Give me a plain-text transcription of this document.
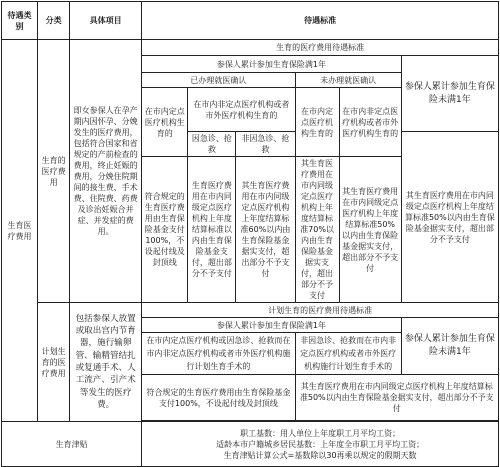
待遇类别	分类	具体项目	待遇标准					
生育医疗费用	生育的医疗费用	即女参保人在孕产期内因怀孕、分娩发生的医疗费用，包括符合国家和省规定的产前检查的费用，终止妊娠的费用，分娩住院期间的接生费、手术费、住院费、药费及诊治妊娠合并症、并发症的费用。	生育的医疗费用待遇标准					
			参保人累计参加生育保险满1年					参保人累计参加生育保险未满1年
			已办理就医确认			未办理就医确认		
			在市内定点医疗机构生育的	在市内非定点医疗机构或者市外医疗机构生育的		在市内定点医疗机构生育的	在市内非定点医疗机构或者市外医疗机构生育的	
				因急诊、抢救	非因急诊、抢救			其生育医疗费用在市内同级定点医疗机构上年度结算标准50%以内由生育保险基金据实支付，超出部分不予支付
			符合规定的生育医疗费用由生育保险基金支付100%，不设起付线及封顶线	生育医疗费用在市内同级定点医疗机构上年度结算标准以内由生育保险基金支付，超出部分不予支付	其生育医疗费用在市内同级定点医疗机构上年度结算标准60%以内由生育保险基金据实支付，超出部分不予支付	其生育医疗费用在市内同级定点医疗机构上年度结算标准70%以内由生育保险基金据实支付，超出部分不予支付	其生育医疗费用在市内同级定点医疗机构上年度结算标准50%以内由生育保险基金据实支付，超出部分不予支付	
	计划生育的医疗费用	包括参保人放置或取出宫内节育器，施行输卵管、输精管结扎或复通手术、人工流产、引产术等发生的医疗费。	计划生育的医疗费用待遇标准					
			参保人累计参加生育保险满1年					参保人累计参加生育保险未满1年
			在市内定点医疗机构或因急诊、抢救而在市内非定点医疗机构或者市外医疗机构施行计划生育手术的			非因急诊、抢救而在市内非定点医疗机构或者市外医疗机构施行计划生育手术的		
			符合规定的生育医疗费用由生育保险基金支付100%，不设起付线及封顶线			其生育医疗费用在市内同级定点医疗机构上年度结算标准50%以内由生育保险基金据实支付，超出部分不予支付		

生育津贴			职工基数：用人单位上年度职工月平均工资；
适龄本市户籍城乡居民基数：上年度全市职工月平均工资；
生育津贴计算公式=基数除以30再乘以规定的假期天数					
